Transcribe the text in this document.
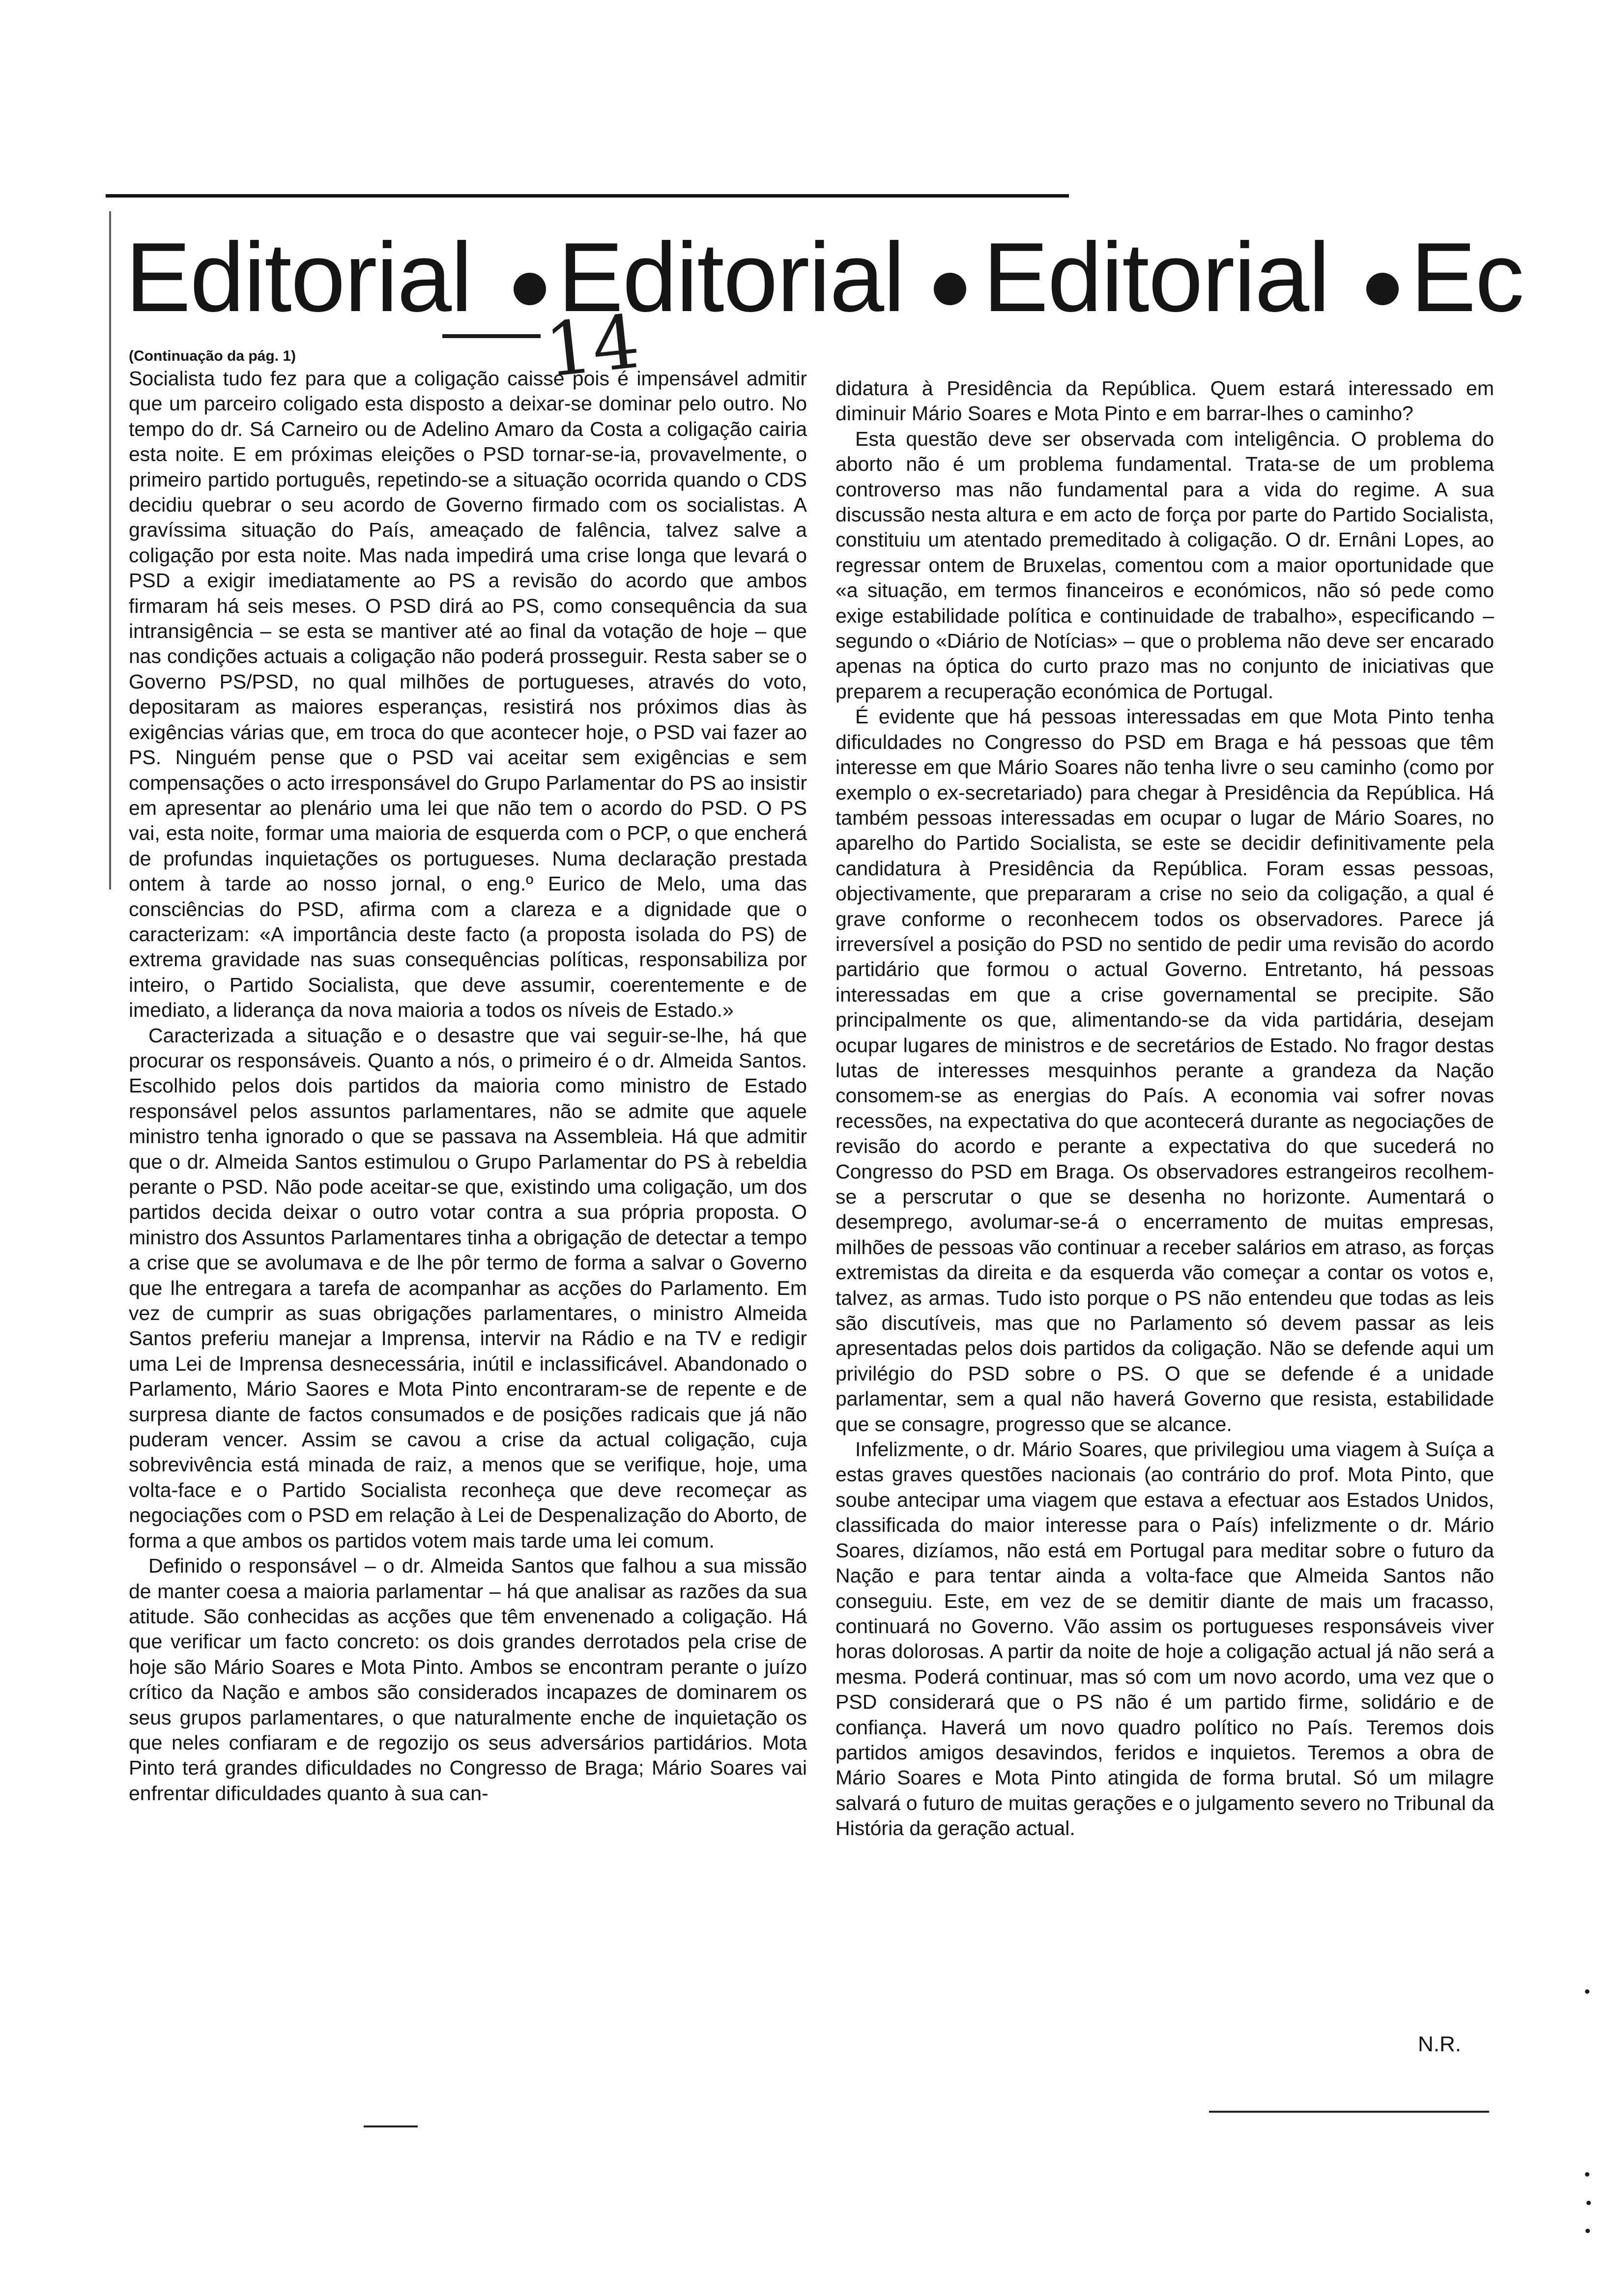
Editorial Editorial Editorial Ec
14
(Continuação da pág. 1)

Socialista tudo fez para que a coligação caisse pois é impensável admitir que um parceiro coligado esta disposto a deixar-se dominar pelo outro. No tempo do dr. Sá Carneiro ou de Adelino Amaro da Costa a coligação cairia esta noite. E em próximas eleições o PSD tornar-se-ia, provavelmente, o primeiro partido português, repetindo-se a situação ocorrida quando o CDS decidiu quebrar o seu acordo de Governo firmado com os socialistas. A gravíssima situação do País, ameaçado de falência, talvez salve a coligação por esta noite. Mas nada impedirá uma crise longa que levará o PSD a exigir imediatamente ao PS a revisão do acordo que ambos firmaram há seis meses. O PSD dirá ao PS, como consequência da sua intransigência – se esta se mantiver até ao final da votação de hoje – que nas condições actuais a coligação não poderá prosseguir. Resta saber se o Governo PS/PSD, no qual milhões de portugueses, através do voto, depositaram as maiores esperanças, resistirá nos próximos dias às exigências várias que, em troca do que acontecer hoje, o PSD vai fazer ao PS. Ninguém pense que o PSD vai aceitar sem exigências e sem compensações o acto irresponsável do Grupo Parlamentar do PS ao insistir em apresentar ao plenário uma lei que não tem o acordo do PSD. O PS vai, esta noite, formar uma maioria de esquerda com o PCP, o que encherá de profundas inquietações os portugueses. Numa declaração prestada ontem à tarde ao nosso jornal, o eng.º Eurico de Melo, uma das consciências do PSD, afirma com a clareza e a dignidade que o caracterizam: «A importância deste facto (a proposta isolada do PS) de extrema gravidade nas suas consequências políticas, responsabiliza por inteiro, o Partido Socialista, que deve assumir, coerentemente e de imediato, a liderança da nova maioria a todos os níveis de Estado.»

Caracterizada a situação e o desastre que vai seguir-se-lhe, há que procurar os responsáveis. Quanto a nós, o primeiro é o dr. Almeida Santos. Escolhido pelos dois partidos da maioria como ministro de Estado responsável pelos assuntos parlamentares, não se admite que aquele ministro tenha ignorado o que se passava na Assembleia. Há que admitir que o dr. Almeida Santos estimulou o Grupo Parlamentar do PS à rebeldia perante o PSD. Não pode aceitar-se que, existindo uma coligação, um dos partidos decida deixar o outro votar contra a sua própria proposta. O ministro dos Assuntos Parlamentares tinha a obrigação de detectar a tempo a crise que se avolumava e de lhe pôr termo de forma a salvar o Governo que lhe entregara a tarefa de acompanhar as acções do Parlamento. Em vez de cumprir as suas obrigações parlamentares, o ministro Almeida Santos preferiu manejar a Imprensa, intervir na Rádio e na TV e redigir uma Lei de Imprensa desnecessária, inútil e inclassificável. Abandonado o Parlamento, Mário Saores e Mota Pinto encontraram-se de repente e de surpresa diante de factos consumados e de posições radicais que já não puderam vencer. Assim se cavou a crise da actual coligação, cuja sobrevivência está minada de raiz, a menos que se verifique, hoje, uma volta-face e o Partido Socialista reconheça que deve recomeçar as negociações com o PSD em relação à Lei de Despenalização do Aborto, de forma a que ambos os partidos votem mais tarde uma lei comum.

Definido o responsável – o dr. Almeida Santos que falhou a sua missão de manter coesa a maioria parlamentar – há que analisar as razões da sua atitude. São conhecidas as acções que têm envenenado a coligação. Há que verificar um facto concreto: os dois grandes derrotados pela crise de hoje são Mário Soares e Mota Pinto. Ambos se encontram perante o juízo crítico da Nação e ambos são considerados incapazes de dominarem os seus grupos parlamentares, o que naturalmente enche de inquietação os que neles confiaram e de regozijo os seus adversários partidários. Mota Pinto terá grandes dificuldades no Congresso de Braga; Mário Soares vai enfrentar dificuldades quanto à sua can-

didatura à Presidência da República. Quem estará interessado em diminuir Mário Soares e Mota Pinto e em barrar-lhes o caminho?

Esta questão deve ser observada com inteligência. O problema do aborto não é um problema fundamental. Trata-se de um problema controverso mas não fundamental para a vida do regime. A sua discussão nesta altura e em acto de força por parte do Partido Socialista, constituiu um atentado premeditado à coligação. O dr. Ernâni Lopes, ao regressar ontem de Bruxelas, comentou com a maior oportunidade que «a situação, em termos financeiros e económicos, não só pede como exige estabilidade política e continuidade de trabalho», especificando – segundo o «Diário de Notícias» – que o problema não deve ser encarado apenas na óptica do curto prazo mas no conjunto de iniciativas que preparem a recuperação económica de Portugal.

É evidente que há pessoas interessadas em que Mota Pinto tenha dificuldades no Congresso do PSD em Braga e há pessoas que têm interesse em que Mário Soares não tenha livre o seu caminho (como por exemplo o ex-secretariado) para chegar à Presidência da República. Há também pessoas interessadas em ocupar o lugar de Mário Soares, no aparelho do Partido Socialista, se este se decidir definitivamente pela candidatura à Presidência da República. Foram essas pessoas, objectivamente, que prepararam a crise no seio da coligação, a qual é grave conforme o reconhecem todos os observadores. Parece já irreversível a posição do PSD no sentido de pedir uma revisão do acordo partidário que formou o actual Governo. Entretanto, há pessoas interessadas em que a crise governamental se precipite. São principalmente os que, alimentando-se da vida partidária, desejam ocupar lugares de ministros e de secretários de Estado. No fragor destas lutas de interesses mesquinhos perante a grandeza da Nação consomem-se as energias do País. A economia vai sofrer novas recessões, na expectativa do que acontecerá durante as negociações de revisão do acordo e perante a expectativa do que sucederá no Congresso do PSD em Braga. Os observadores estrangeiros recolhem-se a perscrutar o que se desenha no horizonte. Aumentará o desemprego, avolumar-se-á o encerramento de muitas empresas, milhões de pessoas vão continuar a receber salários em atraso, as forças extremistas da direita e da esquerda vão começar a contar os votos e, talvez, as armas. Tudo isto porque o PS não entendeu que todas as leis são discutíveis, mas que no Parlamento só devem passar as leis apresentadas pelos dois partidos da coligação. Não se defende aqui um privilégio do PSD sobre o PS. O que se defende é a unidade parlamentar, sem a qual não haverá Governo que resista, estabilidade que se consagre, progresso que se alcance.

Infelizmente, o dr. Mário Soares, que privilegiou uma viagem à Suíça a estas graves questões nacionais (ao contrário do prof. Mota Pinto, que soube antecipar uma viagem que estava a efectuar aos Estados Unidos, classificada do maior interesse para o País) infelizmente o dr. Mário Soares, dizíamos, não está em Portugal para meditar sobre o futuro da Nação e para tentar ainda a volta-face que Almeida Santos não conseguiu. Este, em vez de se demitir diante de mais um fracasso, continuará no Governo. Vão assim os portugueses responsáveis viver horas dolorosas. A partir da noite de hoje a coligação actual já não será a mesma. Poderá continuar, mas só com um novo acordo, uma vez que o PSD considerará que o PS não é um partido firme, solidário e de confiança. Haverá um novo quadro político no País. Teremos dois partidos amigos desavindos, feridos e inquietos. Teremos a obra de Mário Soares e Mota Pinto atingida de forma brutal. Só um milagre salvará o futuro de muitas gerações e o julgamento severo no Tribunal da História da geração actual.

N.R.
